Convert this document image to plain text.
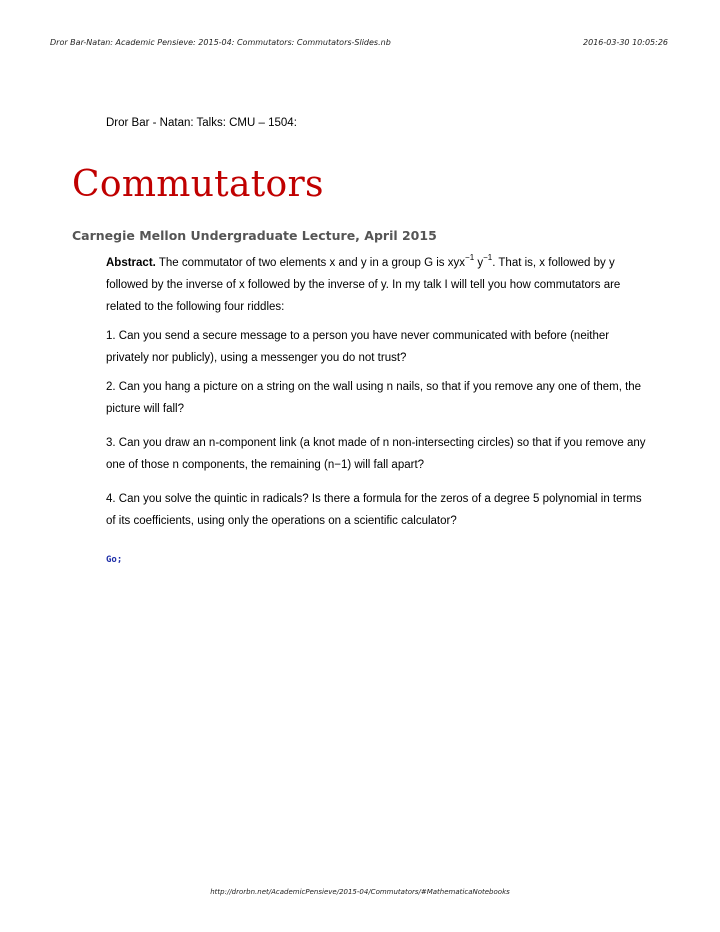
Dror Bar-Natan: Academic Pensieve: 2015-04: Commutators: Commutators-Slides.nb	2016-03-30 10:05:26
Dror Bar - Natan: Talks: CMU – 1504:
Commutators
Carnegie Mellon Undergraduate Lecture, April 2015
Abstract. The commutator of two elements x and y in a group G is xyx$^{-1}$ $y^{-1}$. That is, x followed by y followed by the inverse of x followed by the inverse of y. In my talk I will tell you how commutators are related to the following four riddles:
1. Can you send a secure message to a person you have never communicated with before (neither privately nor publicly), using a messenger you do not trust?
2. Can you hang a picture on a string on the wall using n nails, so that if you remove any one of them, the picture will fall?
3. Can you draw an n-component link (a knot made of n non-intersecting circles) so that if you remove any one of those n components, the remaining (n−1) will fall apart?
4. Can you solve the quintic in radicals? Is there a formula for the zeros of a degree 5 polynomial in terms of its coefficients, using only the operations on a scientific calculator?
Go;
http://drorbn.net/AcademicPensieve/2015-04/Commutators/#MathematicaNotebooks
